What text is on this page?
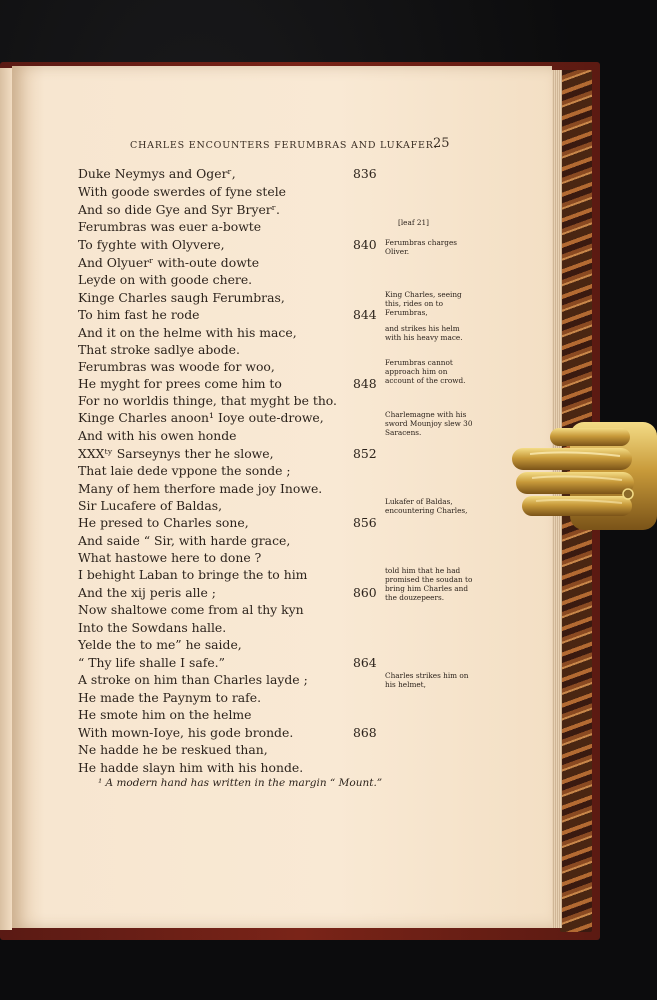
CHARLES ENCOUNTERS FERUMBRAS AND LUKAFER.
25
Duke Neymys and Ogerʳ,
With goode swerdes of fyne stele
And so dide Gye and Syr Bryerʳ.
Ferumbras was euer a-bowte
To fyghte with Olyvere,
And Olyuerʳ with-oute dowte
Leyde on with goode chere.
Kinge Charles saugh Ferumbras,
To him fast he rode
And it on the helme with his mace,
That stroke sadlye abode.
Ferumbras was woode for woo,
He myght for prees come him to
For no worldis thinge, that myght be tho.
Kinge Charles anoon¹ Ioye oute-drowe,
And with his owen honde
XXXᵗʸ Sarseynys ther he slowe,
That laie dede vppone the sonde ;
Many of hem therfore made joy Inowe.
Sir Lucafere of Baldas,
He presed to Charles sone,
And saide “ Sir, with harde grace,
What hastowe here to done ?
I behight Laban to bringe the to him
And the xij peris alle ;
Now shaltowe come from al thy kyn
Into the Sowdans halle.
Yelde the to me” he saide,
“ Thy life shalle I safe.”
A stroke on him than Charles layde ;
He made the Paynym to rafe.
He smote him on the helme
With mown-Ioye, his gode bronde.
Ne hadde he be reskued than,
He hadde slayn him with his honde.
836
840
844
848
852
856
860
864
868
[leaf 21]
Ferumbras charges Oliver.
King Charles, seeing this, rides on to Ferumbras,
and strikes his helm with his heavy mace.
Ferumbras cannot approach him on account of the crowd.
Charlemagne with his sword Mounjoy slew 30 Saracens.
Lukafer of Baldas, encountering Charles,
told him that he had promised the soudan to bring him Charles and the douzepeers.
Charles strikes him on his helmet,
¹ A modern hand has written in the margin “ Mount.”
